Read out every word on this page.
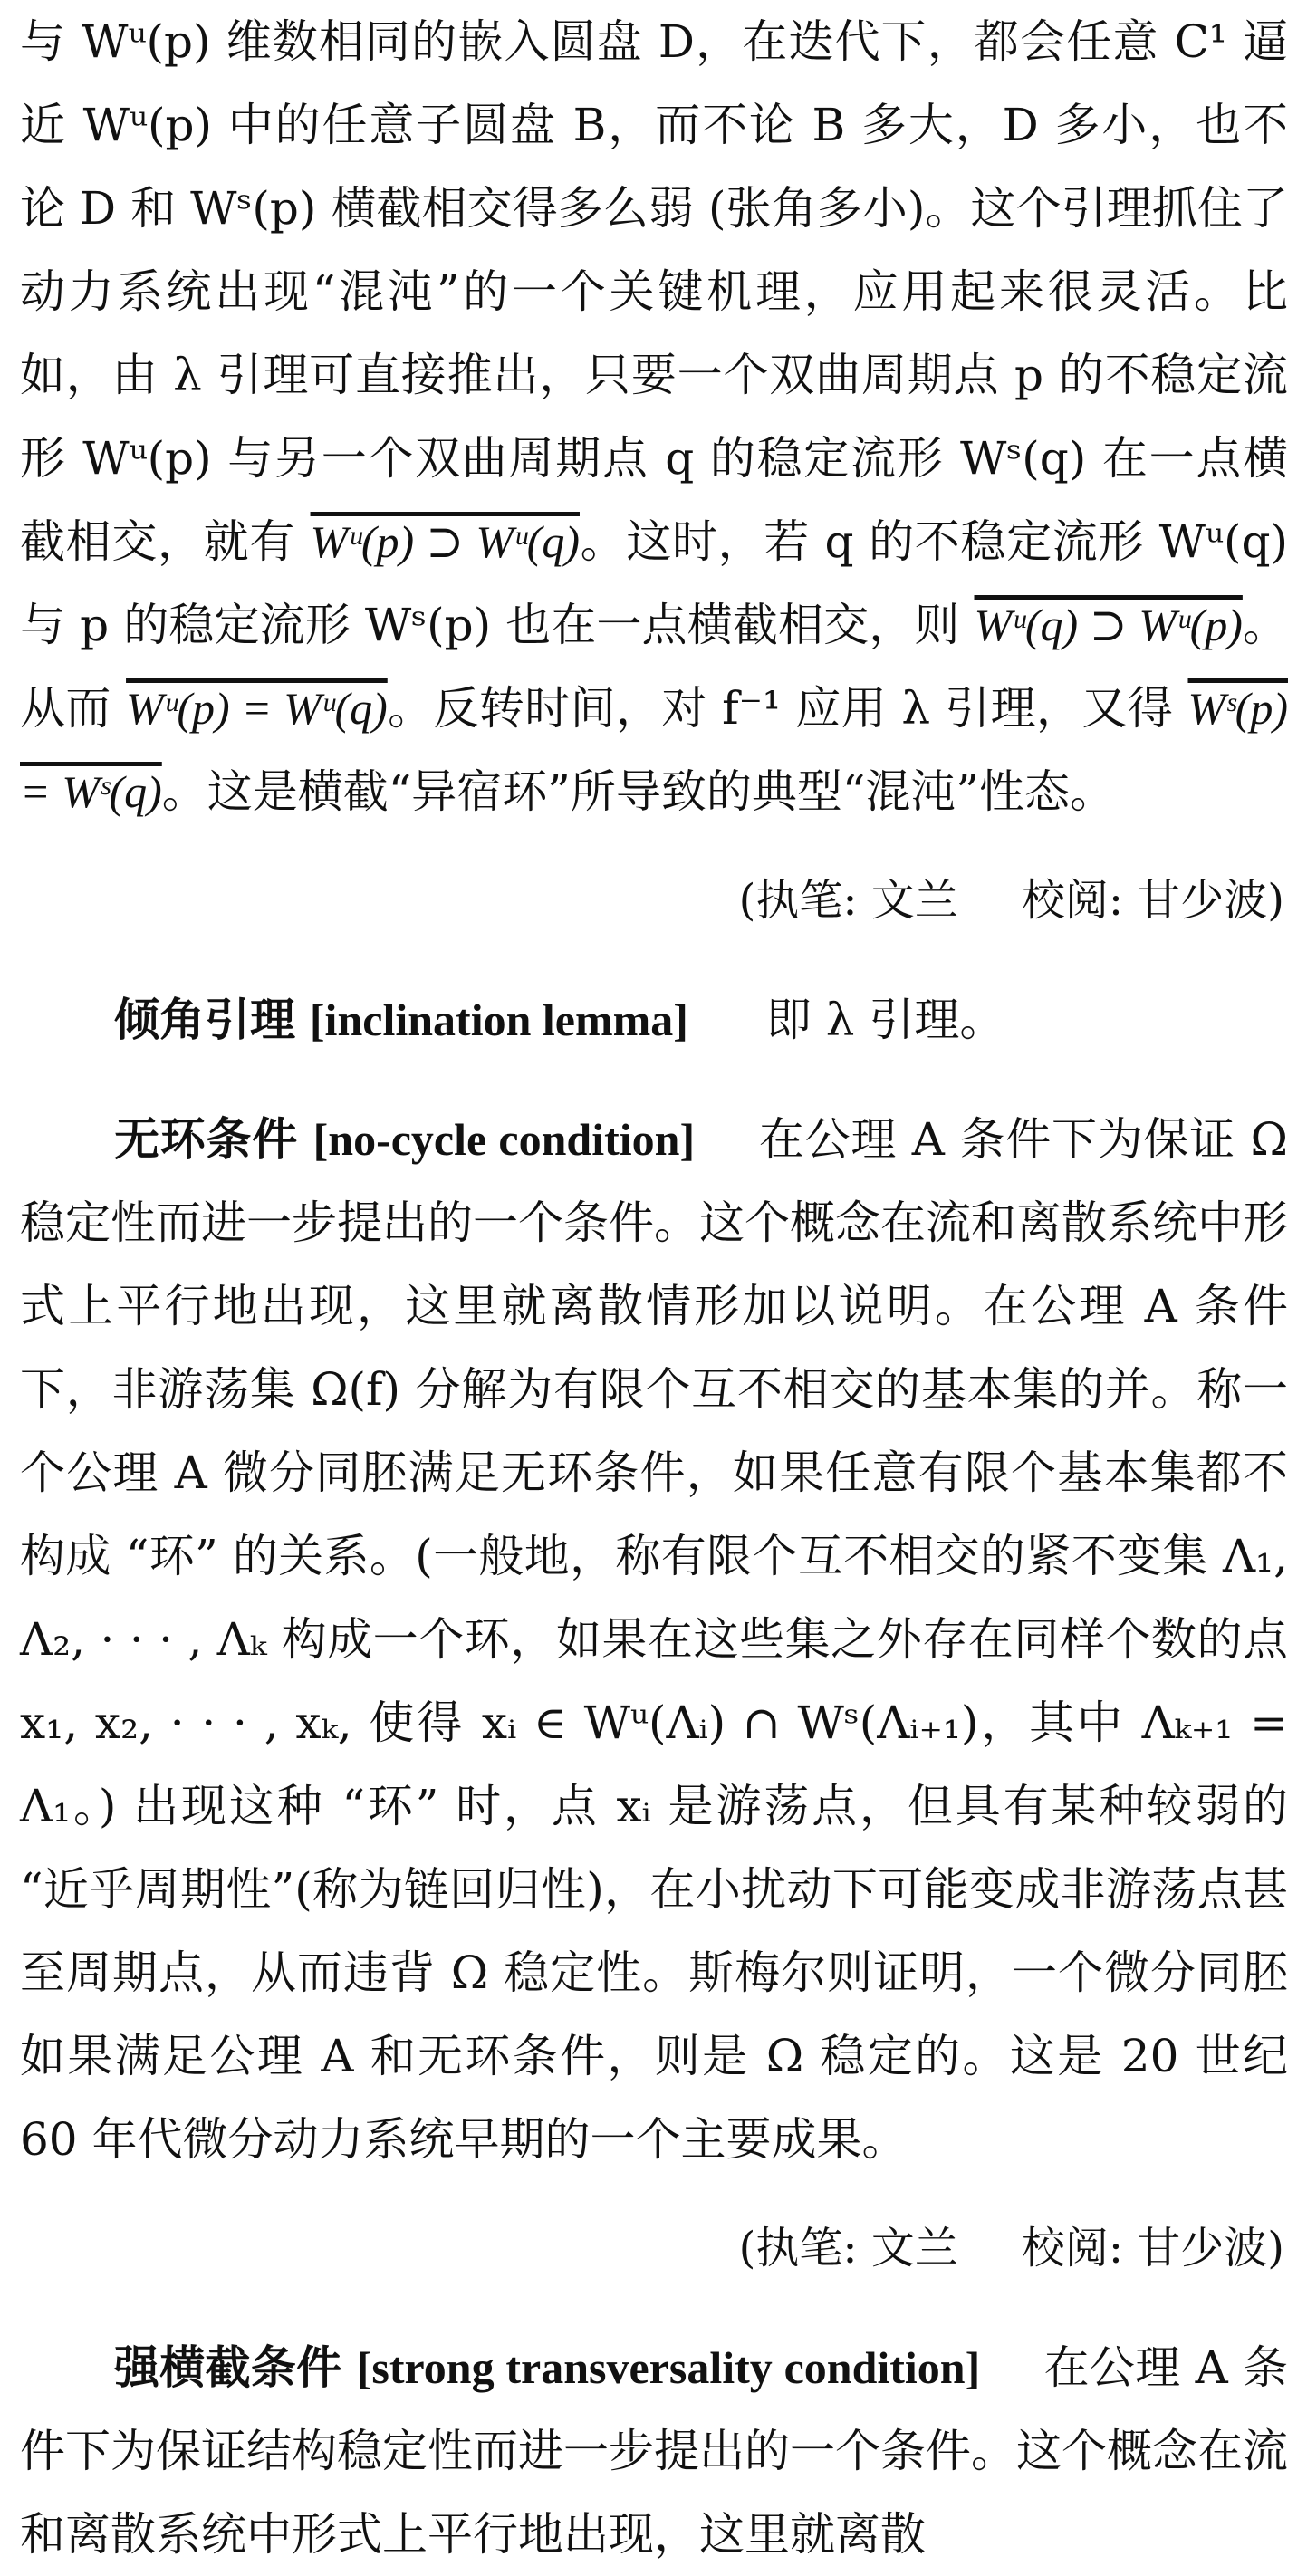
与 Wᵘ(p) 维数相同的嵌入圆盘 D，在迭代下，都会任意 C¹ 逼近 Wᵘ(p) 中的任意子圆盘 B，而不论 B 多大，D 多小，也不论 D 和 Wˢ(p) 横截相交得多么弱 (张角多小)。这个引理抓住了动力系统出现“混沌”的一个关键机理，应用起来很灵活。比如，由 λ 引理可直接推出，只要一个双曲周期点 p 的不稳定流形 Wᵘ(p) 与另一个双曲周期点 q 的稳定流形 Wˢ(q) 在一点横截相交，就有 Wᵘ(p) ⊃ Wᵘ(q)。这时，若 q 的不稳定流形 Wᵘ(q) 与 p 的稳定流形 Wˢ(p) 也在一点横截相交，则 Wᵘ(q) ⊃ Wᵘ(p)。从而 Wᵘ(p) = Wᵘ(q)。反转时间，对 f⁻¹ 应用 λ 引理，又得 Wˢ(p) = Wˢ(q)。这是横截“异宿环”所导致的典型“混沌”性态。

(执笔: 文兰 校阅: 甘少波)

倾角引理 [inclination lemma] 即 λ 引理。

无环条件 [no-cycle condition] 在公理 A 条件下为保证 Ω 稳定性而进一步提出的一个条件。这个概念在流和离散系统中形式上平行地出现，这里就离散情形加以说明。在公理 A 条件下，非游荡集 Ω(f) 分解为有限个互不相交的基本集的并。称一个公理 A 微分同胚满足无环条件，如果任意有限个基本集都不构成 “环” 的关系。(一般地，称有限个互不相交的紧不变集 Λ₁, Λ₂, · · · , Λₖ 构成一个环，如果在这些集之外存在同样个数的点 x₁, x₂, · · · , xₖ, 使得 xᵢ ∈ Wᵘ(Λᵢ) ∩ Wˢ(Λᵢ₊₁)，其中 Λₖ₊₁ = Λ₁。) 出现这种 “环” 时，点 xᵢ 是游荡点，但具有某种较弱的 “近乎周期性”(称为链回归性)，在小扰动下可能变成非游荡点甚至周期点，从而违背 Ω 稳定性。斯梅尔则证明，一个微分同胚如果满足公理 A 和无环条件，则是 Ω 稳定的。这是 20 世纪 60 年代微分动力系统早期的一个主要成果。

(执笔: 文兰 校阅: 甘少波)

强横截条件 [strong transversality condition] 在公理 A 条件下为保证结构稳定性而进一步提出的一个条件。这个概念在流和离散系统中形式上平行地出现，这里就离散
